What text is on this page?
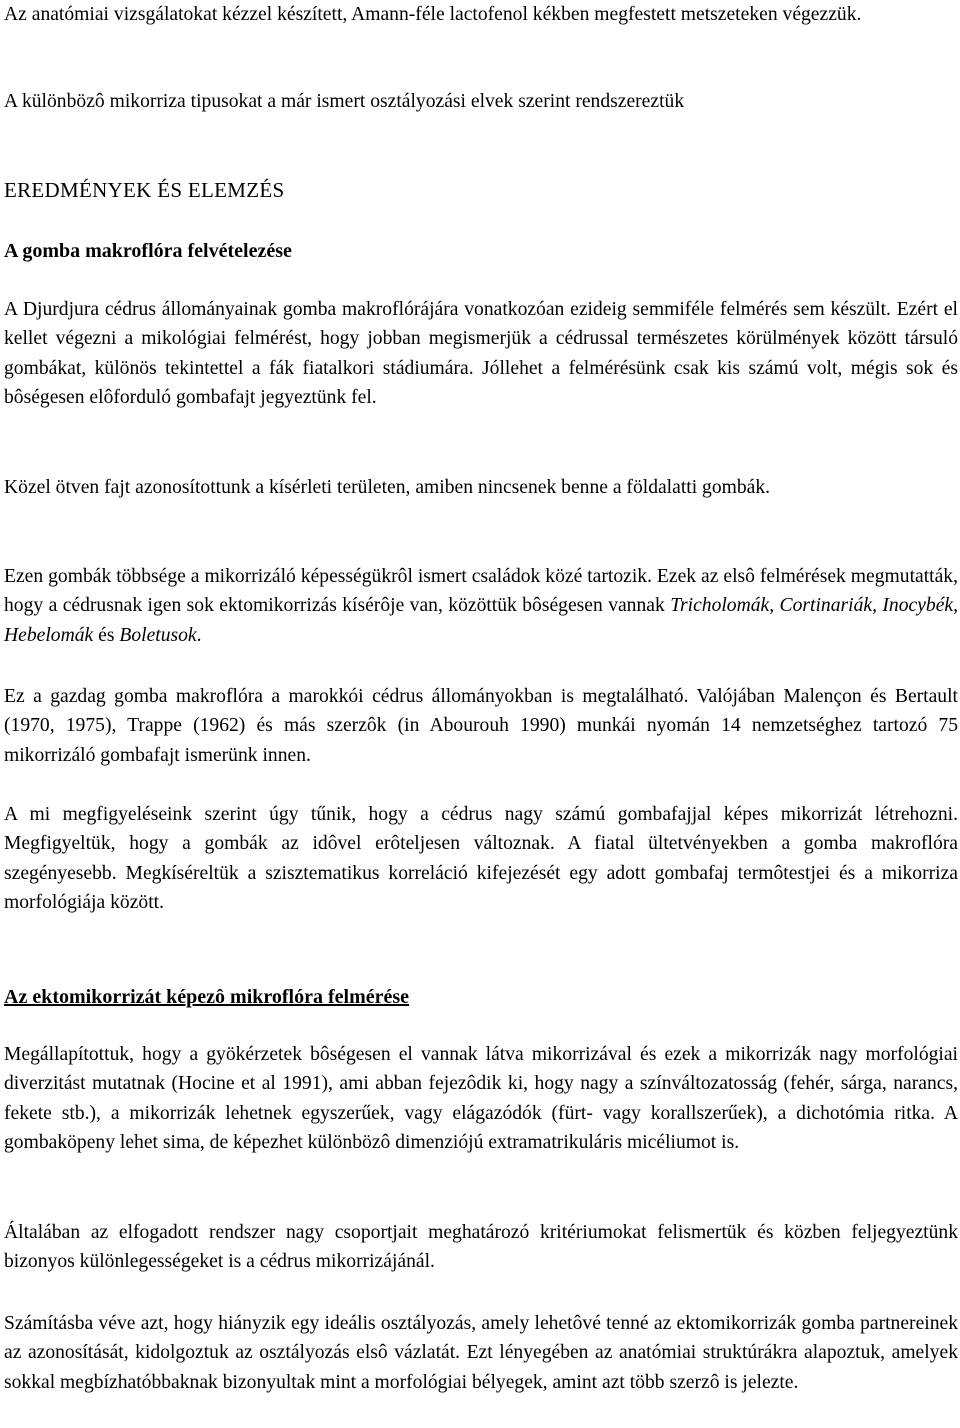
Az anatómiai vizsgálatokat kézzel készített, Amann-féle lactofenol kékben megfestett metszeteken végezzük.

A különbözô mikorriza tipusokat a már ismert osztályozási elvek szerint rendszereztük

EREDMÉNYEK ÉS ELEMZÉS
A gomba makroflóra felvételezése

A Djurdjura cédrus állományainak gomba makroflórájára vonatkozóan ezideig semmiféle felmérés sem készült. Ezért el kellet végezni a mikológiai felmérést, hogy jobban megismerjük a cédrussal természetes körülmények között társuló gombákat, különös tekintettel a fák fiatalkori stádiumára. Jóllehet a felmérésünk csak kis számú volt, mégis sok és bôségesen elôforduló gombafajt jegyeztünk fel.

Közel ötven fajt azonosítottunk a kísérleti területen, amiben nincsenek benne a földalatti gombák.

Ezen gombák többsége a mikorrizáló képességükrôl ismert családok közé tartozik. Ezek az elsô felmérések megmutatták, hogy a cédrusnak igen sok ektomikorrizás kísérôje van, közöttük bôségesen vannak Tricholomák, Cortinariák, Inocybék, Hebelomák és Boletusok.

Ez a gazdag gomba makroflóra a marokkói cédrus állományokban is megtalálható. Valójában Malençon és Bertault (1970, 1975), Trappe (1962) és más szerzôk (in Abourouh 1990) munkái nyomán 14 nemzetséghez tartozó 75 mikorrizáló gombafajt ismerünk innen.

A mi megfigyeléseink szerint úgy tűnik, hogy a cédrus nagy számú gombafajjal képes mikorrizát létrehozni. Megfigyeltük, hogy a gombák az idôvel erôteljesen változnak. A fiatal ültetvényekben a gomba makroflóra szegényesebb. Megkíséreltük a szisztematikus korreláció kifejezését egy adott gombafaj termôtestjei és a mikorriza morfológiája között.

Az ektomikorrizát képezô mikroflóra felmérése

Megállapítottuk, hogy a gyökérzetek bôségesen el vannak látva mikorrizával és ezek a mikorrizák nagy morfológiai diverzitást mutatnak (Hocine et al 1991), ami abban fejezôdik ki, hogy nagy a színváltozatosság (fehér, sárga, narancs, fekete stb.), a mikorrizák lehetnek egyszerűek, vagy elágazódók (fürt- vagy korallszerűek), a dichotómia ritka. A gombaköpeny lehet sima, de képezhet különbözô dimenziójú extramatrikuláris micéliumot is.

Általában az elfogadott rendszer nagy csoportjait meghatározó kritériumokat felismertük és közben feljegyeztünk bizonyos különlegességeket is a cédrus mikorrizájánál.

Számításba véve azt, hogy hiányzik egy ideális osztályozás, amely lehetôvé tenné az ektomikorrizák gomba partnereinek az azonosítását, kidolgoztuk az osztályozás elsô vázlatát. Ezt lényegében az anatómiai struktúrákra alapoztuk, amelyek sokkal megbízhatóbbaknak bizonyultak mint a morfológiai bélyegek, amint azt több szerzô is jelezte.
